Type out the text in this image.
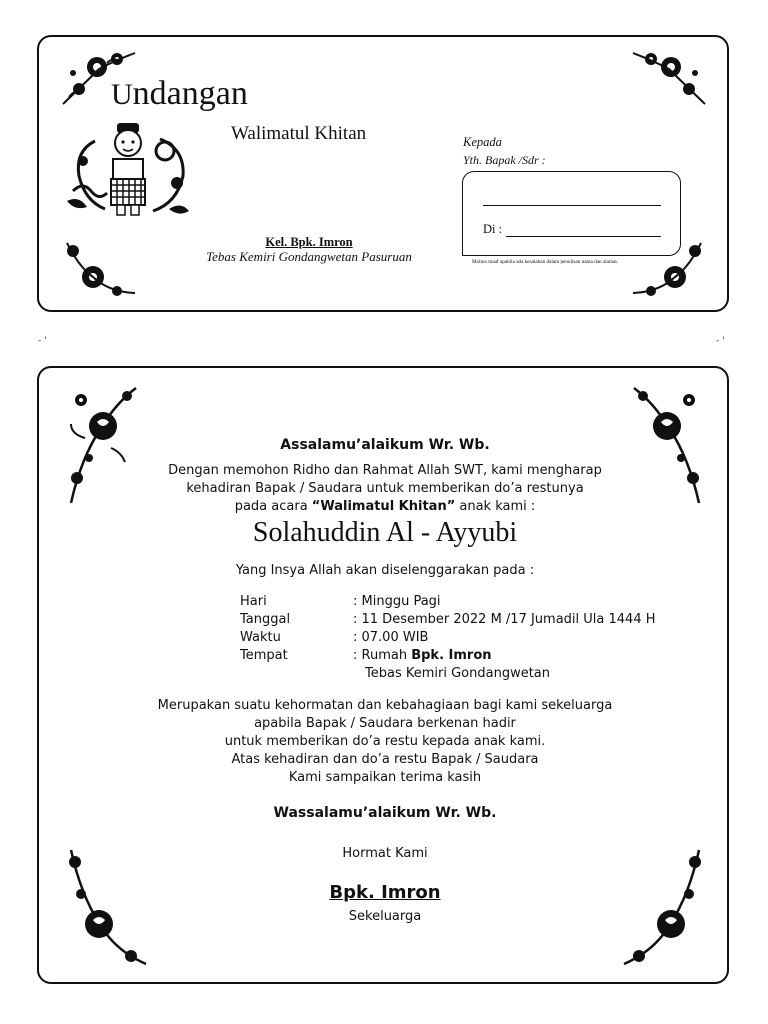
- '	- '
Undangan
Walimatul Khitan
Kel. Bpk. Imron
Tebas Kemiri Gondangwetan Pasuruan
Kepada
Yth. Bapak /Sdr :
Di :
Mohon maaf apabila ada kesalahan dalam penulisan nama dan alamat.
Assalamu’alaikum Wr. Wb.
Dengan memohon Ridho dan Rahmat Allah SWT, kami mengharap
kehadiran Bapak / Saudara untuk memberikan do’a restunya
pada acara “Walimatul Khitan” anak kami :
Solahuddin Al - Ayyubi
Yang Insya Allah akan diselenggarakan pada :
Hari	: Minggu Pagi
Tanggal	: 11 Desember 2022 M /17 Jumadil Ula 1444 H
Waktu	: 07.00 WIB
Tempat	: Rumah Bpk. Imron
Tebas Kemiri Gondangwetan
Merupakan suatu kehormatan dan kebahagiaan bagi kami sekeluarga
apabila Bapak / Saudara berkenan hadir
untuk memberikan do’a restu kepada anak kami.
Atas kehadiran dan do’a restu Bapak / Saudara
Kami sampaikan terima kasih
Wassalamu’alaikum Wr. Wb.
Hormat Kami
Bpk. Imron
Sekeluarga
